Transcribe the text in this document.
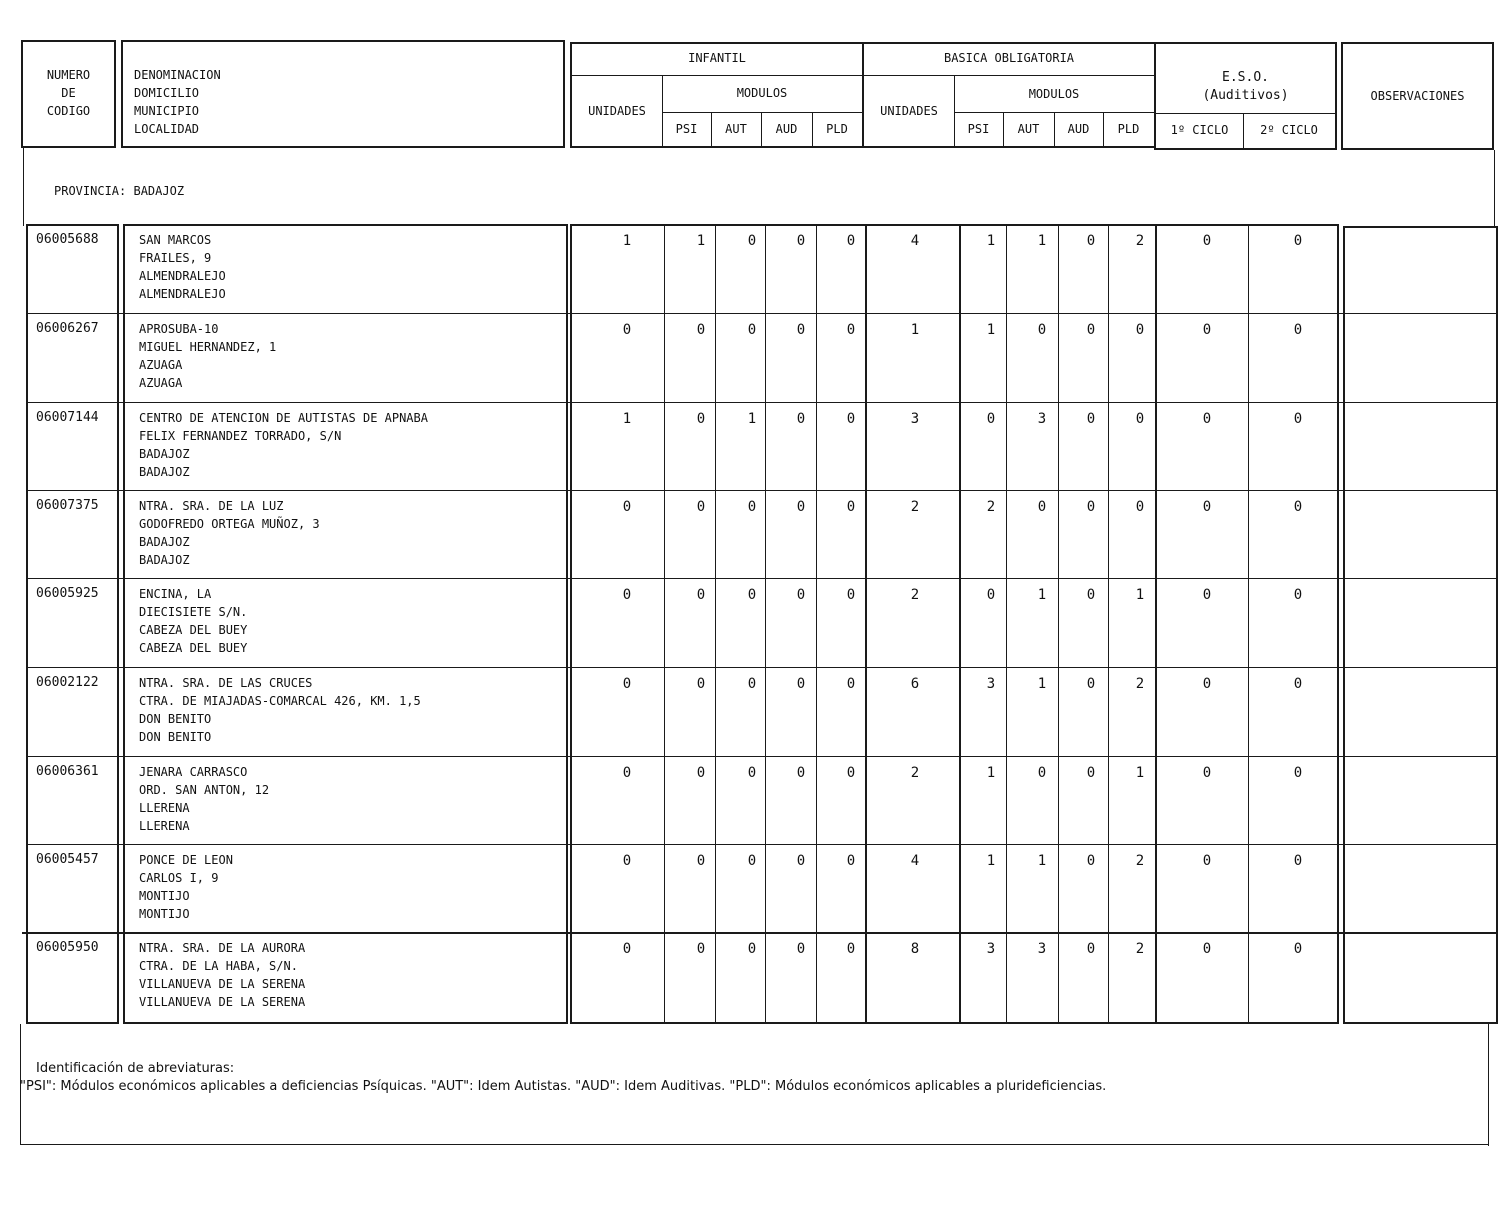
NUMERO
DE
CODIGO
DENOMINACION
DOMICILIO
MUNICIPIO
LOCALIDAD
INFANTIL
UNIDADES
MODULOS
PSI	AUT	AUD	PLD
BASICA OBLIGATORIA
UNIDADES
MODULOS
PSI	AUT	AUD	PLD
E.S.O.
(Auditivos)
1º CICLO	2º CICLO
OBSERVACIONES
PROVINCIA: BADAJOZ
06005688	SAN MARCOS
FRAILES, 9
ALMENDRALEJO
ALMENDRALEJO
1	1	0	0	0	4	1	1	0	2	0	0
06006267	APROSUBA-10
MIGUEL HERNANDEZ, 1
AZUAGA
AZUAGA
0	0	0	0	0	1	1	0	0	0	0	0
06007144	CENTRO DE ATENCION DE AUTISTAS DE APNABA
FELIX FERNANDEZ TORRADO, S/N
BADAJOZ
BADAJOZ
1	0	1	0	0	3	0	3	0	0	0	0
06007375	NTRA. SRA. DE LA LUZ
GODOFREDO ORTEGA MUÑOZ, 3
BADAJOZ
BADAJOZ
0	0	0	0	0	2	2	0	0	0	0	0
06005925	ENCINA, LA
DIECISIETE S/N.
CABEZA DEL BUEY
CABEZA DEL BUEY
0	0	0	0	0	2	0	1	0	1	0	0
06002122	NTRA. SRA. DE LAS CRUCES
CTRA. DE MIAJADAS-COMARCAL 426, KM. 1,5
DON BENITO
DON BENITO
0	0	0	0	0	6	3	1	0	2	0	0
06006361	JENARA CARRASCO
ORD. SAN ANTON, 12
LLERENA
LLERENA
0	0	0	0	0	2	1	0	0	1	0	0
06005457	PONCE DE LEON
CARLOS I, 9
MONTIJO
MONTIJO
0	0	0	0	0	4	1	1	0	2	0	0
06005950	NTRA. SRA. DE LA AURORA
CTRA. DE LA HABA, S/N.
VILLANUEVA DE LA SERENA
VILLANUEVA DE LA SERENA
0	0	0	0	0	8	3	3	0	2	0	0
Identificación de abreviaturas:
"PSI": Módulos económicos aplicables a deficiencias Psíquicas. "AUT": Idem Autistas. "AUD": Idem Auditivas. "PLD": Módulos económicos aplicables a plurideficiencias.
